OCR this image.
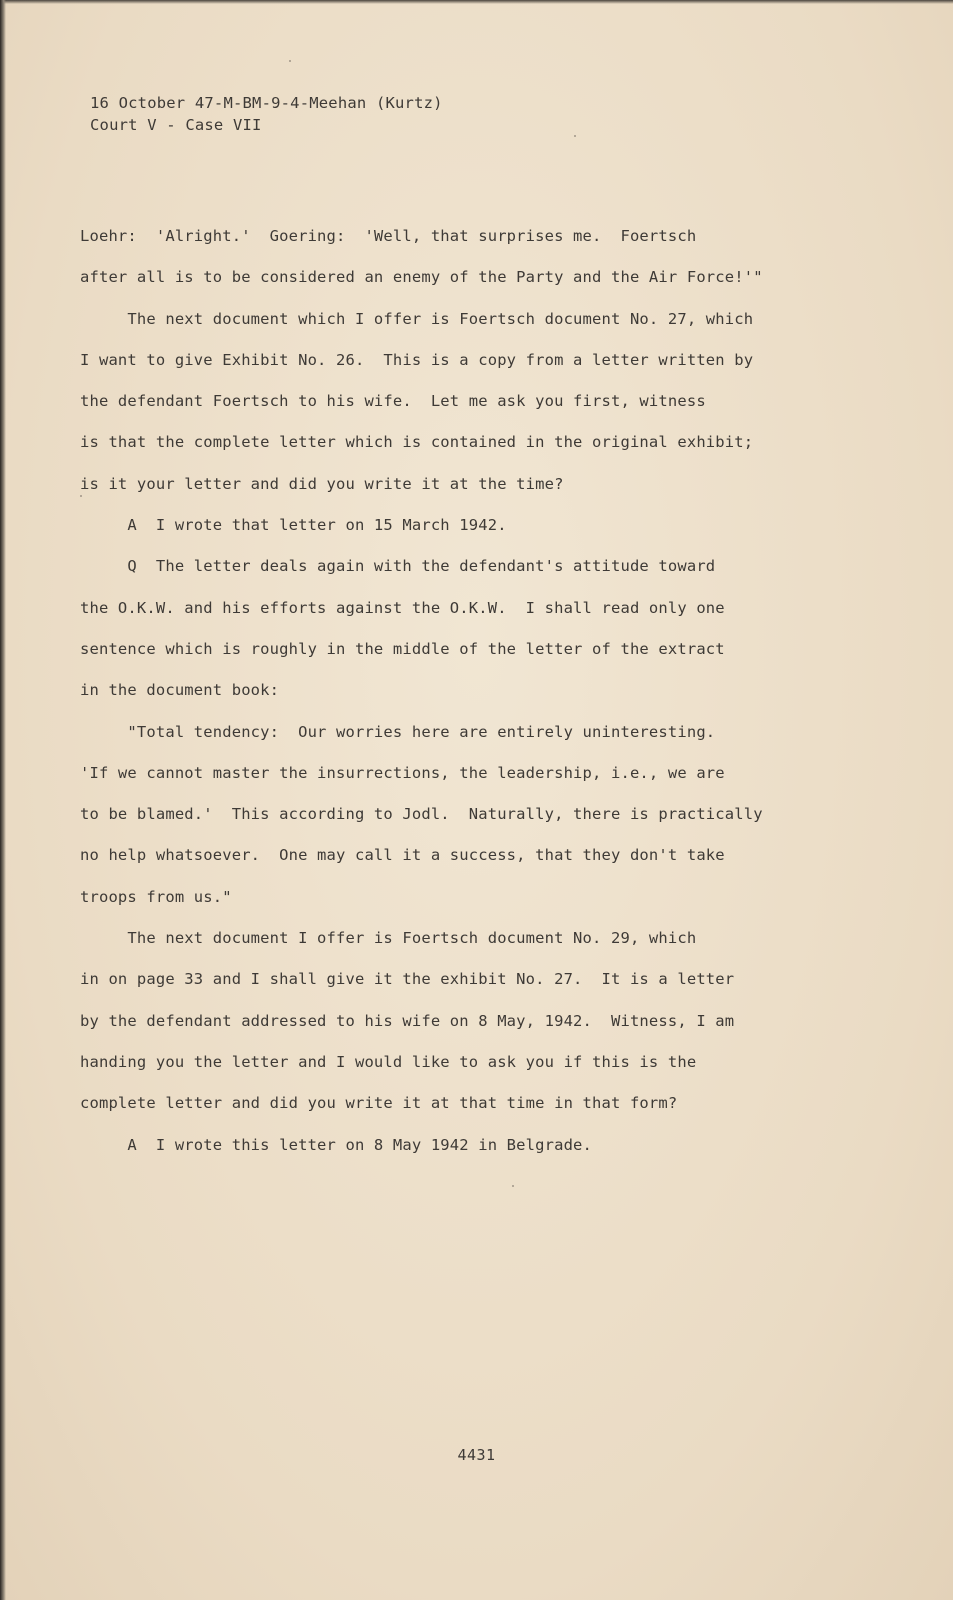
16 October 47-M-BM-9-4-Meehan (Kurtz)
Court V - Case VII
Loehr:  'Alright.'  Goering:  'Well, that surprises me.  Foertsch
after all is to be considered an enemy of the Party and the Air Force!'"
The next document which I offer is Foertsch document No. 27, which
I want to give Exhibit No. 26.  This is a copy from a letter written by
the defendant Foertsch to his wife.  Let me ask you first, witness
is that the complete letter which is contained in the original exhibit;
is it your letter and did you write it at the time?
A  I wrote that letter on 15 March 1942.
Q  The letter deals again with the defendant's attitude toward
the O.K.W. and his efforts against the O.K.W.  I shall read only one
sentence which is roughly in the middle of the letter of the extract
in the document book:
"Total tendency:  Our worries here are entirely uninteresting.
'If we cannot master the insurrections, the leadership, i.e., we are
to be blamed.'  This according to Jodl.  Naturally, there is practically
no help whatsoever.  One may call it a success, that they don't take
troops from us."
The next document I offer is Foertsch document No. 29, which
in on page 33 and I shall give it the exhibit No. 27.  It is a letter
by the defendant addressed to his wife on 8 May, 1942.  Witness, I am
handing you the letter and I would like to ask you if this is the
complete letter and did you write it at that time in that form?
A  I wrote this letter on 8 May 1942 in Belgrade.
4431
